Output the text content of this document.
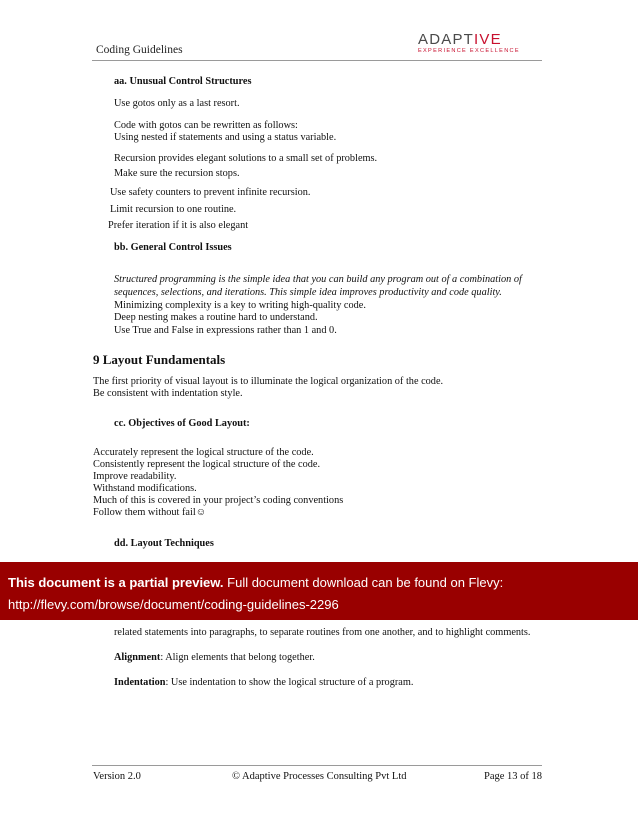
Coding Guidelines
ADAPTIVE
EXPERIENCE EXCELLENCE
aa. Unusual Control Structures
Use gotos only as a last resort.
Code with gotos can be rewritten as follows:
Using nested if statements and using a status variable.
Recursion provides elegant solutions to a small set of problems.
Make sure the recursion stops.
Use safety counters to prevent infinite recursion.
Limit recursion to one routine.
Prefer iteration if it is also elegant
bb. General Control Issues
Structured programming is the simple idea that you can build any program out of a combination of
sequences, selections, and iterations. This simple idea improves productivity and code quality.
Minimizing complexity is a key to writing high-quality code.
Deep nesting makes a routine hard to understand.
Use True and False in expressions rather than 1 and 0.
9 Layout Fundamentals
The first priority of visual layout is to illuminate the logical organization of the code.
Be consistent with indentation style.
cc. Objectives of Good Layout:
Accurately represent the logical structure of the code.
Consistently represent the logical structure of the code.
Improve readability.
Withstand modifications.
Much of this is covered in your project’s coding conventions
Follow them without fail☺
dd. Layout Techniques
This document is a partial preview. Full document download can be found on Flevy:
http://flevy.com/browse/document/coding-guidelines-2296
related statements into paragraphs, to separate routines from one another, and to highlight comments.
Alignment: Align elements that belong together.
Indentation: Use indentation to show the logical structure of a program.
Version 2.0	© Adaptive Processes Consulting Pvt Ltd	Page 13 of 18
